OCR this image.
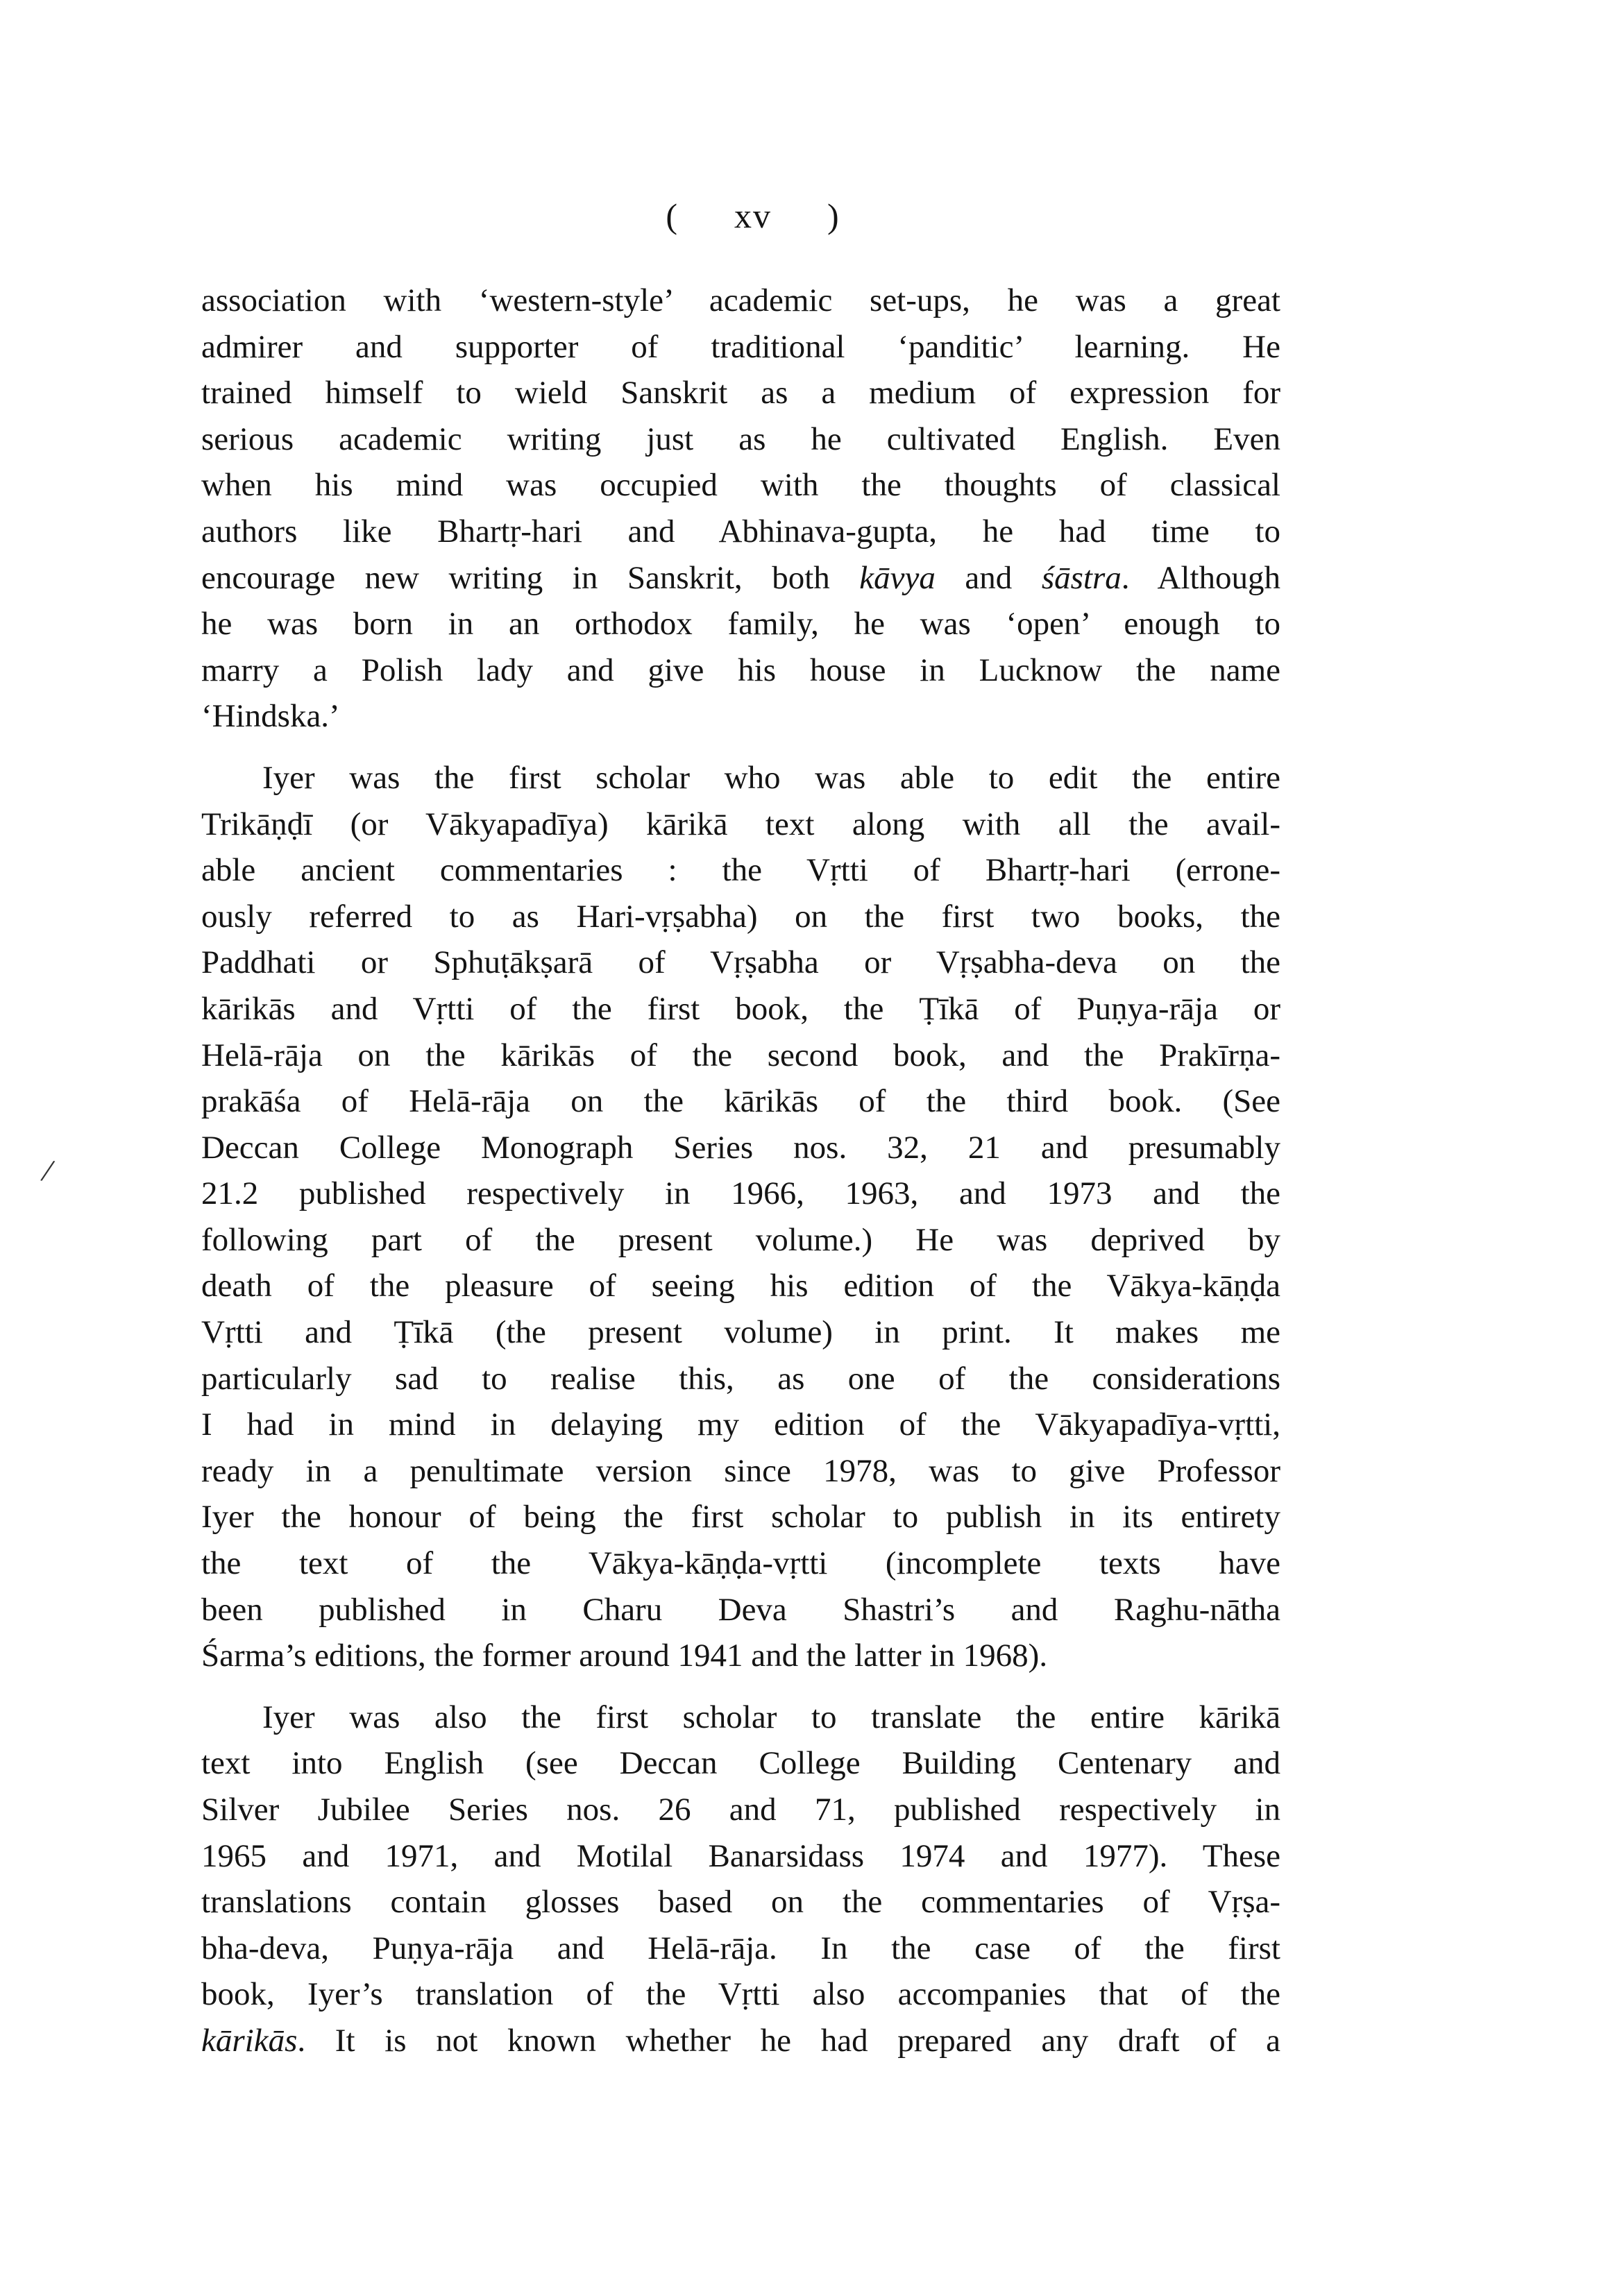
( xv )
/
association with ‘western-style’ academic set-ups, he was a great
admirer and supporter of traditional ‘panditic’ learning. He
trained himself to wield Sanskrit as a medium of expression for
serious academic writing just as he cultivated English. Even
when his mind was occupied with the thoughts of classical
authors like Bhartṛ-hari and Abhinava-gupta, he had time to
encourage new writing in Sanskrit, both kāvya and śāstra. Although
he was born in an orthodox family, he was ‘open’ enough to
marry a Polish lady and give his house in Lucknow the name
‘Hindska.’
Iyer was the first scholar who was able to edit the entire
Trikāṇḍī (or Vākyapadīya) kārikā text along with all the avail-
able ancient commentaries : the Vṛtti of Bhartṛ-hari (errone-
ously referred to as Hari-vṛṣabha) on the first two books, the
Paddhati or Sphuṭākṣarā of Vṛṣabha or Vṛṣabha-deva on the
kārikās and Vṛtti of the first book, the Ṭīkā of Puṇya-rāja or
Helā-rāja on the kārikās of the second book, and the Prakīrṇa-
prakāśa of Helā-rāja on the kārikās of the third book. (See
Deccan College Monograph Series nos. 32, 21 and presumably
21.2 published respectively in 1966, 1963, and 1973 and the
following part of the present volume.) He was deprived by
death of the pleasure of seeing his edition of the Vākya-kāṇḍa
Vṛtti and Ṭīkā (the present volume) in print. It makes me
particularly sad to realise this, as one of the considerations
I had in mind in delaying my edition of the Vākyapadīya-vṛtti,
ready in a penultimate version since 1978, was to give Professor
Iyer the honour of being the first scholar to publish in its entirety
the text of the Vākya-kāṇḍa-vṛtti (incomplete texts have
been published in Charu Deva Shastri’s and Raghu-nātha
Śarma’s editions, the former around 1941 and the latter in 1968).
Iyer was also the first scholar to translate the entire kārikā
text into English (see Deccan College Building Centenary and
Silver Jubilee Series nos. 26 and 71, published respectively in
1965 and 1971, and Motilal Banarsidass 1974 and 1977). These
translations contain glosses based on the commentaries of Vṛṣa-
bha-deva, Puṇya-rāja and Helā-rāja. In the case of the first
book, Iyer’s translation of the Vṛtti also accompanies that of the
kārikās. It is not known whether he had prepared any draft of a
